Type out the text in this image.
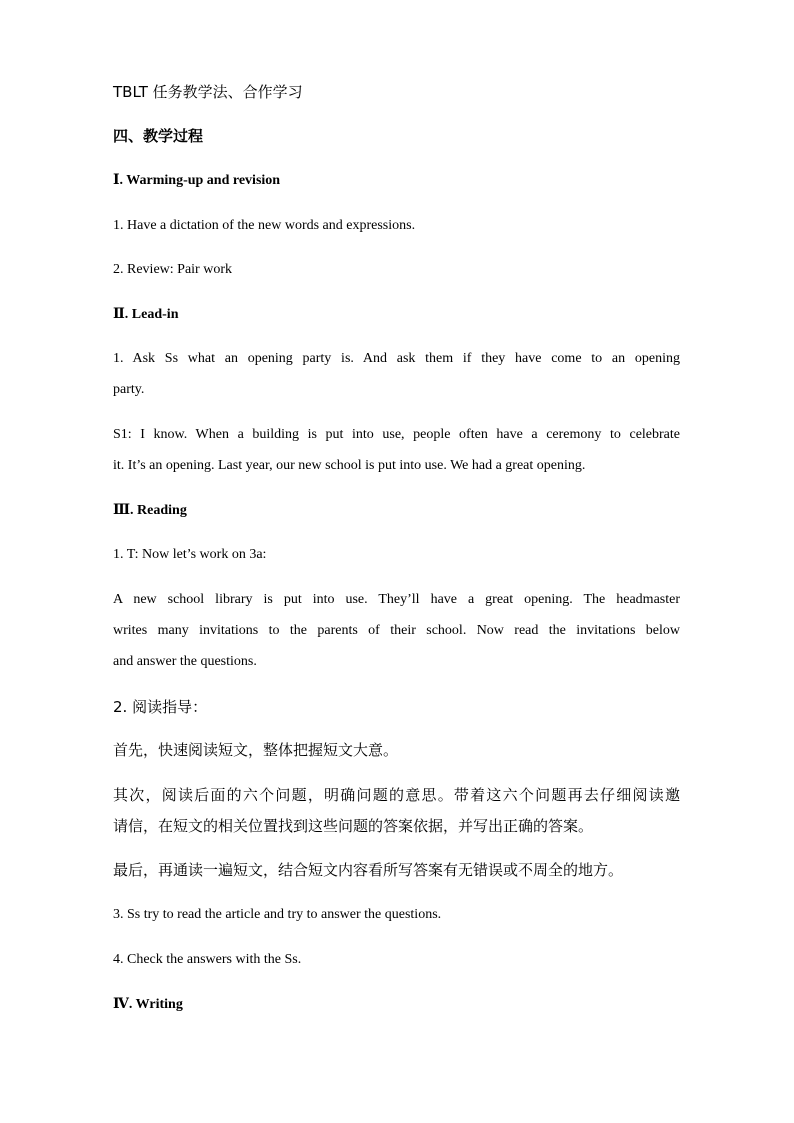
TBLT 任务教学法、合作学习
四、教学过程
Ⅰ. Warming-up and revision
1. Have a dictation of the new words and expressions.
2. Review: Pair work
Ⅱ. Lead-in
1. Ask Ss what an opening party is. And ask them if they have come to an opening
party.
S1: I know. When a building is put into use, people often have a ceremony to celebrate
it. It’s an opening. Last year, our new school is put into use. We had a great opening.
Ⅲ. Reading
1. T: Now let’s work on 3a:
A new school library is put into use. They’ll have a great opening. The headmaster
writes many invitations to the parents of their school. Now read the invitations below
and answer the questions.
2. 阅读指导：
首先，快速阅读短文，整体把握短文大意。
其次，阅读后面的六个问题，明确问题的意思。带着这六个问题再去仔细阅读邀
请信，在短文的相关位置找到这些问题的答案依据，并写出正确的答案。
最后，再通读一遍短文，结合短文内容看所写答案有无错误或不周全的地方。
3. Ss try to read the article and try to answer the questions.
4. Check the answers with the Ss.
Ⅳ. Writing
